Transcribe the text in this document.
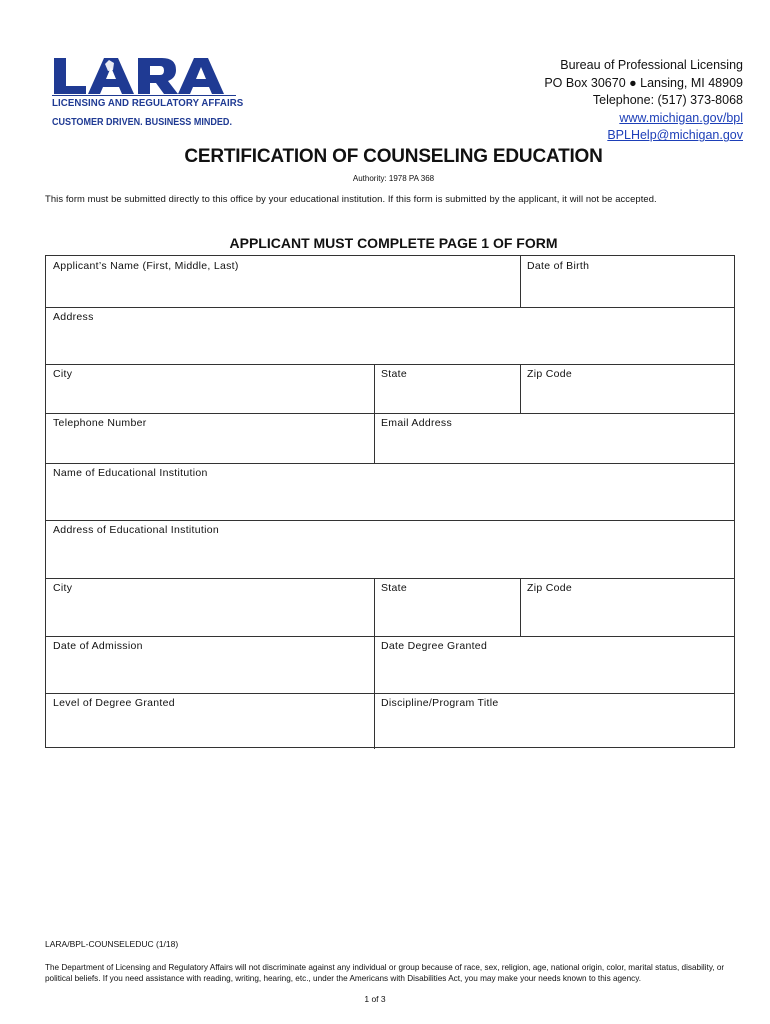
LICENSING AND REGULATORY AFFAIRS
CUSTOMER DRIVEN. BUSINESS MINDED.
Bureau of Professional Licensing
PO Box 30670 ● Lansing, MI 48909
Telephone: (517) 373-8068
www.michigan.gov/bpl
BPLHelp@michigan.gov
CERTIFICATION OF COUNSELING EDUCATION
Authority: 1978 PA 368
This form must be submitted directly to this office by your educational institution. If this form is submitted by the applicant, it will not be accepted.
APPLICANT MUST COMPLETE PAGE 1 OF FORM
Applicant’s Name (First, Middle, Last)	Date of Birth
Address
City	State	Zip Code
Telephone Number	Email Address
Name of Educational Institution
Address of Educational Institution
City	State	Zip Code
Date of Admission	Date Degree Granted
Level of Degree Granted	Discipline/Program Title
LARA/BPL-COUNSELEDUC (1/18)
The Department of Licensing and Regulatory Affairs will not discriminate against any individual or group because of race, sex, religion, age, national origin, color, marital status, disability, or political beliefs. If you need assistance with reading, writing, hearing, etc., under the Americans with Disabilities Act, you may make your needs known to this agency.
1 of 3
